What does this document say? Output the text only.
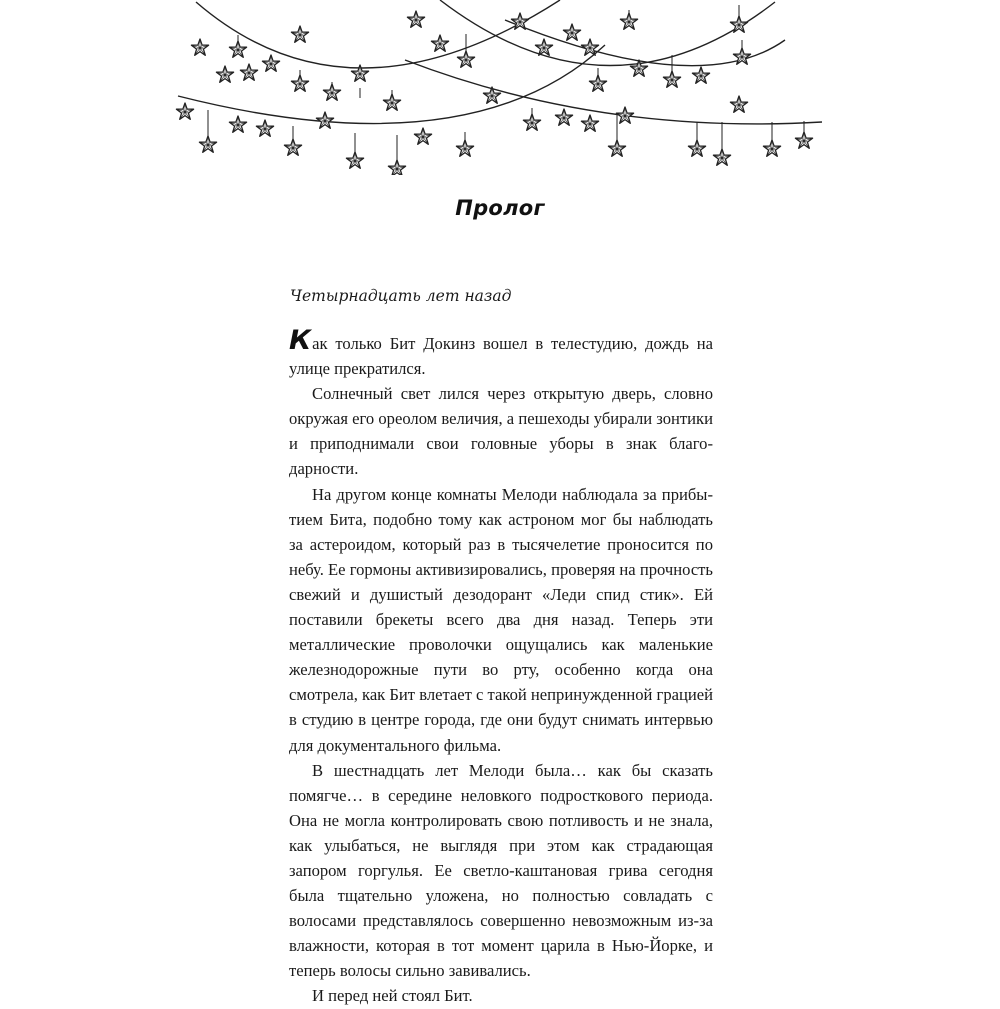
Пролог

Четырнадцать лет назад

Как только Бит Докинз вошел в телестудию, дождь на улице прекратился.

Солнечный свет лился через открытую дверь, словно окружая его ореолом величия, а пешеходы убирали зонтики и приподнимали свои головные уборы в знак благодарности.

На другом конце комнаты Мелоди наблюдала за прибытием Бита, подобно тому как астроном мог бы наблюдать за астероидом, который раз в тысячелетие проносится по небу. Ее гормоны активизировались, проверяя на прочность свежий и душистый дезодорант «Леди спид стик». Ей поставили брекеты всего два дня назад. Теперь эти металлические проволочки ощущались как маленькие железнодорожные пути во рту, особенно когда она смотрела, как Бит влетает с такой непринужденной грацией в студию в центре города, где они будут снимать интервью для документального фильма.

В шестнадцать лет Мелоди была… как бы сказать помягче… в середине неловкого подросткового периода. Она не могла контролировать свою потливость и не знала, как улыбаться, не выглядя при этом как страдающая запором горгулья. Ее светло-каштановая грива сегодня была тщательно уложена, но полностью совладать с волосами представлялось совершенно невозможным из-за влажности, которая в тот момент царила в Нью-Йорке, и теперь волосы сильно завивались.

И перед ней стоял Бит.
